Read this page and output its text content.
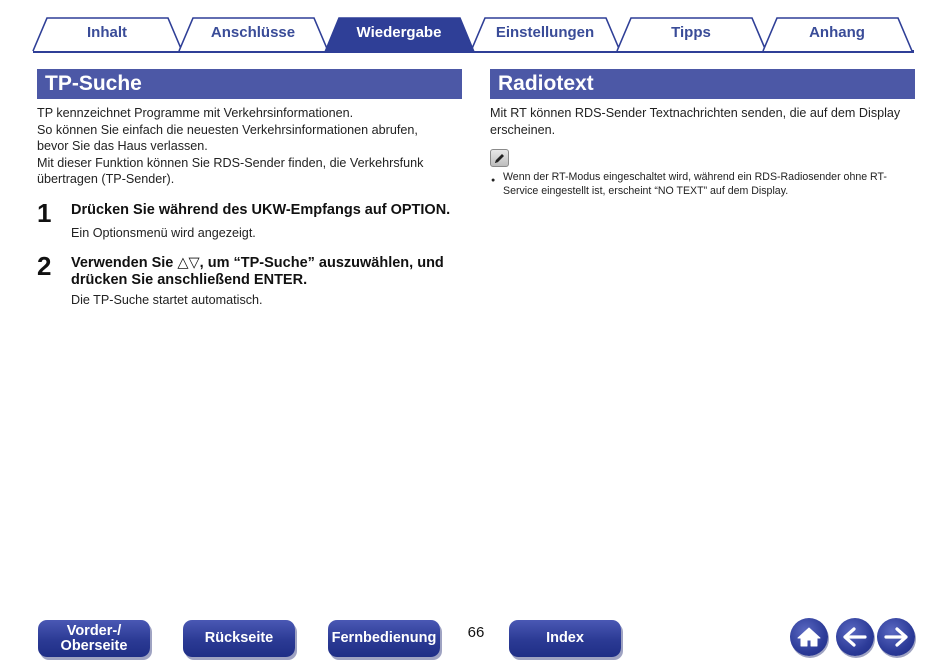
Inhalt	Anschlüsse	Wiedergabe	Einstellungen	Tipps	Anhang
TP-Suche
TP kennzeichnet Programme mit Verkehrsinformationen.
So können Sie einfach die neuesten Verkehrsinformationen abrufen,
bevor Sie das Haus verlassen.
Mit dieser Funktion können Sie RDS-Sender finden, die Verkehrsfunk
übertragen (TP-Sender).
1 Drücken Sie während des UKW-Empfangs auf OPTION.
Ein Optionsmenü wird angezeigt.
2 Verwenden Sie △▽, um “TP-Suche” auszuwählen, und
drücken Sie anschließend ENTER.
Die TP-Suche startet automatisch.
Radiotext
Mit RT können RDS-Sender Textnachrichten senden, die auf dem Display
erscheinen.
● Wenn der RT-Modus eingeschaltet wird, während ein RDS-Radiosender ohne RT-
Service eingestellt ist, erscheint “NO TEXT” auf dem Display.
Vorder-/
Oberseite	Rückseite	Fernbedienung	66	Index
